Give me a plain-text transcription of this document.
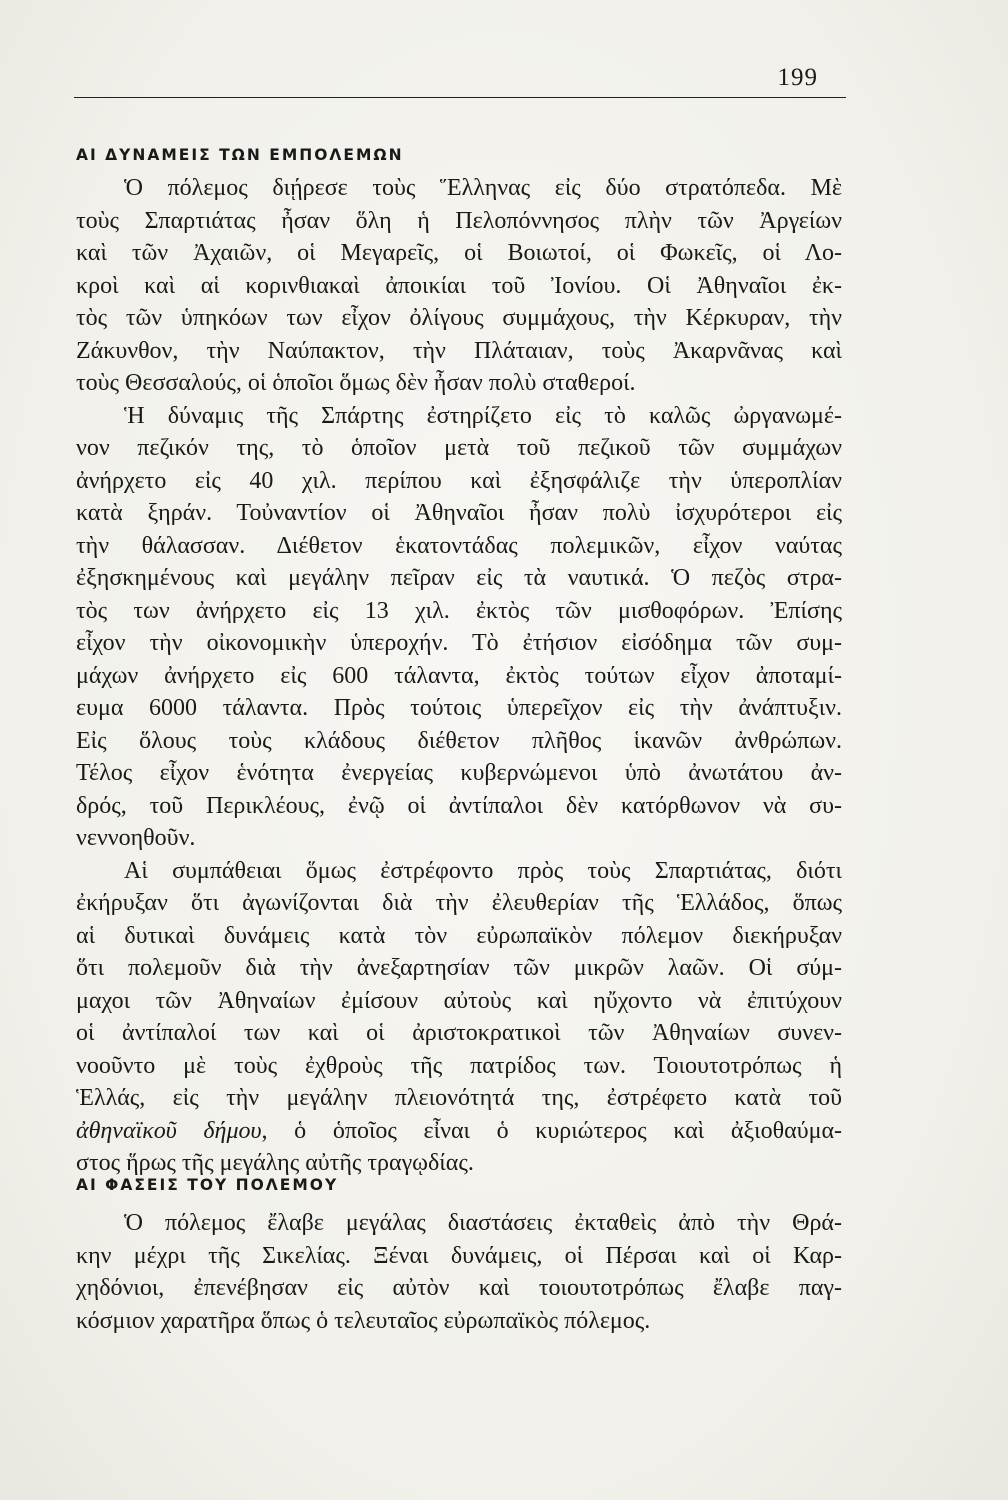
199
ΑΙ ΔΥΝΑΜΕΙΣ ΤΩΝ ΕΜΠΟΛΕΜΩΝ
Ὁ πόλεμος διῄρεσε τοὺς Ἕλληνας εἰς δύο στρατόπεδα. Μὲ
τοὺς Σπαρτιάτας ἦσαν ὅλη ἡ Πελοπόννησος πλὴν τῶν Ἀργείων
καὶ τῶν Ἀχαιῶν, οἱ Μεγαρεῖς, οἱ Βοιωτοί, οἱ Φωκεῖς, οἱ Λο-
κροὶ καὶ αἱ κορινθιακαὶ ἀποικίαι τοῦ Ἰονίου. Οἱ Ἀθηναῖοι ἐκ-
τὸς τῶν ὑπηκόων των εἶχον ὀλίγους συμμάχους, τὴν Κέρκυραν, τὴν
Ζάκυνθον, τὴν Ναύπακτον, τὴν Πλάταιαν, τοὺς Ἀκαρνᾶνας καὶ
τοὺς Θεσσαλούς, οἱ ὁποῖοι ὅμως δὲν ἦσαν πολὺ σταθεροί.
Ἡ δύναμις τῆς Σπάρτης ἐστηρίζετο εἰς τὸ καλῶς ὠργανωμέ-
νον πεζικόν της, τὸ ὁποῖον μετὰ τοῦ πεζικοῦ τῶν συμμάχων
ἀνήρχετο εἰς 40 χιλ. περίπου καὶ ἐξησφάλιζε τὴν ὑπεροπλίαν
κατὰ ξηράν. Τοὐναντίον οἱ Ἀθηναῖοι ἦσαν πολὺ ἰσχυρότεροι εἰς
τὴν θάλασσαν. Διέθετον ἑκατοντάδας πολεμικῶν, εἶχον ναύτας
ἐξησκημένους καὶ μεγάλην πεῖραν εἰς τὰ ναυτικά. Ὁ πεζὸς στρα-
τὸς των ἀνήρχετο εἰς 13 χιλ. ἐκτὸς τῶν μισθοφόρων. Ἐπίσης
εἶχον τὴν οἰκονομικὴν ὑπεροχήν. Τὸ ἐτήσιον εἰσόδημα τῶν συμ-
μάχων ἀνήρχετο εἰς 600 τάλαντα, ἐκτὸς τούτων εἶχον ἀποταμί-
ευμα 6000 τάλαντα. Πρὸς τούτοις ὑπερεῖχον εἰς τὴν ἀνάπτυξιν.
Εἰς ὅλους τοὺς κλάδους διέθετον πλῆθος ἱκανῶν ἀνθρώπων.
Τέλος εἶχον ἑνότητα ἐνεργείας κυβερνώμενοι ὑπὸ ἀνωτάτου ἀν-
δρός, τοῦ Περικλέους, ἐνῷ οἱ ἀντίπαλοι δὲν κατόρθωνον νὰ συ-
νεννοηθοῦν.
Αἱ συμπάθειαι ὅμως ἐστρέφοντο πρὸς τοὺς Σπαρτιάτας, διότι
ἐκήρυξαν ὅτι ἀγωνίζονται διὰ τὴν ἐλευθερίαν τῆς Ἑλλάδος, ὅπως
αἱ δυτικαὶ δυνάμεις κατὰ τὸν εὐρωπαϊκὸν πόλεμον διεκήρυξαν
ὅτι πολεμοῦν διὰ τὴν ἀνεξαρτησίαν τῶν μικρῶν λαῶν. Οἱ σύμ-
μαχοι τῶν Ἀθηναίων ἐμίσουν αὐτοὺς καὶ ηὔχοντο νὰ ἐπιτύχουν
οἱ ἀντίπαλοί των καὶ οἱ ἀριστοκρατικοὶ τῶν Ἀθηναίων συνεν-
νοοῦντο μὲ τοὺς ἐχθροὺς τῆς πατρίδος των. Τοιουτοτρόπως ἡ
Ἑλλάς, εἰς τὴν μεγάλην πλειονότητά της, ἐστρέφετο κατὰ τοῦ
ἀθηναϊκοῦ δήμου, ὁ ὁποῖος εἶναι ὁ κυριώτερος καὶ ἀξιοθαύμα-
στος ἥρως τῆς μεγάλης αὐτῆς τραγῳδίας.
ΑΙ ΦΑΣΕΙΣ ΤΟΥ ΠΟΛΕΜΟΥ
Ὁ πόλεμος ἔλαβε μεγάλας διαστάσεις ἐκταθεὶς ἀπὸ τὴν Θρά-
κην μέχρι τῆς Σικελίας. Ξέναι δυνάμεις, οἱ Πέρσαι καὶ οἱ Καρ-
χηδόνιοι, ἐπενέβησαν εἰς αὐτὸν καὶ τοιουτοτρόπως ἔλαβε παγ-
κόσμιον χαρατῆρα ὅπως ὁ τελευταῖος εὐρωπαϊκὸς πόλεμος.
